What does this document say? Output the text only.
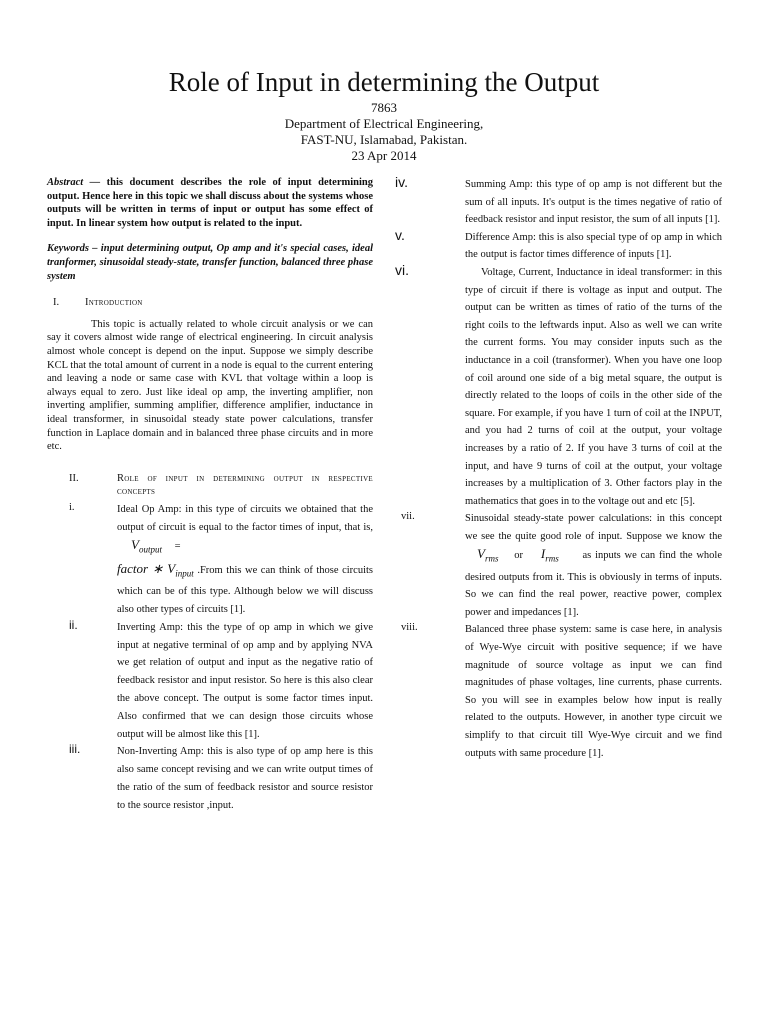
Role of Input in determining the Output
7863
Department of Electrical Engineering,
FAST-NU, Islamabad, Pakistan.
23 Apr 2014

Abstract — this document describes the role of input determining output. Hence here in this topic we shall discuss about the systems whose outputs will be written in terms of input or output has some effect of input. In linear system how output is related to the input.

Keywords – input determining output, Op amp and it's special cases, ideal tranformer, sinusoidal steady-state, transfer function, balanced three phase system

I.	Introduction

This topic is actually related to whole circuit analysis or we can say it covers almost wide range of electrical engineering. In circuit analysis almost whole concept is depend on the input. Suppose we simply describe KCL that the total amount of current in a node is equal to the current entering and leaving a node or same case with KVL that voltage within a loop is always equal to zero. Just like ideal op amp, the inverting amplifier, non inverting amplifier, summing amplifier, difference amplifier, inductance in ideal transformer, in sinusoidal steady state power calculations, transfer function in Laplace domain and in balanced three phase circuits and in more etc.

II.	Role of input in determining output in respective concepts
i.	Ideal Op Amp: in this type of circuits we obtained that the output of circuit is equal to the factor times of input, that is, $V_{output}$ =
factor ∗ $V_{input}$ .From this we can think of those circuits which can be of this type. Although below we will discuss also other types of circuits [1].
ii.	Inverting Amp: this the type of op amp in which we give input at negative terminal of op amp and by applying NVA we get relation of output and input as the negative ratio of feedback resistor and input resistor. So here is this also clear the above concept. The output is some factor times input. Also confirmed that we can design those circuits whose output will be almost like this [1].
iii.	Non-Inverting Amp: this is also type of op amp here is this also same concept revising and we can write output times of the ratio of the sum of feedback resistor and source resistor to the source resistor ,input.
iv.	Summing Amp: this type of op amp is not different but the sum of all inputs. It's output is the times negative of ratio of feedback resistor and input resistor, the sum of all inputs [1].
v.	Difference Amp: this is also special type of op amp in which the output is factor times difference of inputs [1].
vi.	Voltage, Current, Inductance in ideal transformer: in this type of circuit if there is voltage as input and output. The output can be written as times of ratio of the turns of the right coils to the leftwards input. Also as well we can write the current forms. You may consider inputs such as the inductance in a coil (transformer). When you have one loop of coil around one side of a big metal square, the output is directly related to the loops of coils in the other side of the square. For example, if you have 1 turn of coil at the INPUT, and you had 2 turns of coil at the output, your voltage increases by a ratio of 2. If you have 3 turns of coil at the input, and have 9 turns of coil at the output, your voltage increases by a multiplication of 3. Other factors play in the mathematics that goes in to the voltage out and etc [5].
vii.	Sinusoidal steady-state power calculations: in this concept we see the quite good role of input. Suppose we know the $V_{rms}$ or $I_{rms}$ as inputs we can find the whole desired outputs from it. This is obviously in terms of inputs. So we can find the real power, reactive power, complex power and impedances [1].
viii.	Balanced three phase system: same is case here, in analysis of Wye-Wye circuit with positive sequence; if we have magnitude of source voltage as input we can find magnitudes of phase voltages, line currents, phase currents. So you will see in examples below how input is really related to the outputs. However, in another type circuit we simplify to that circuit till Wye-Wye circuit and we find outputs with same procedure [1].
